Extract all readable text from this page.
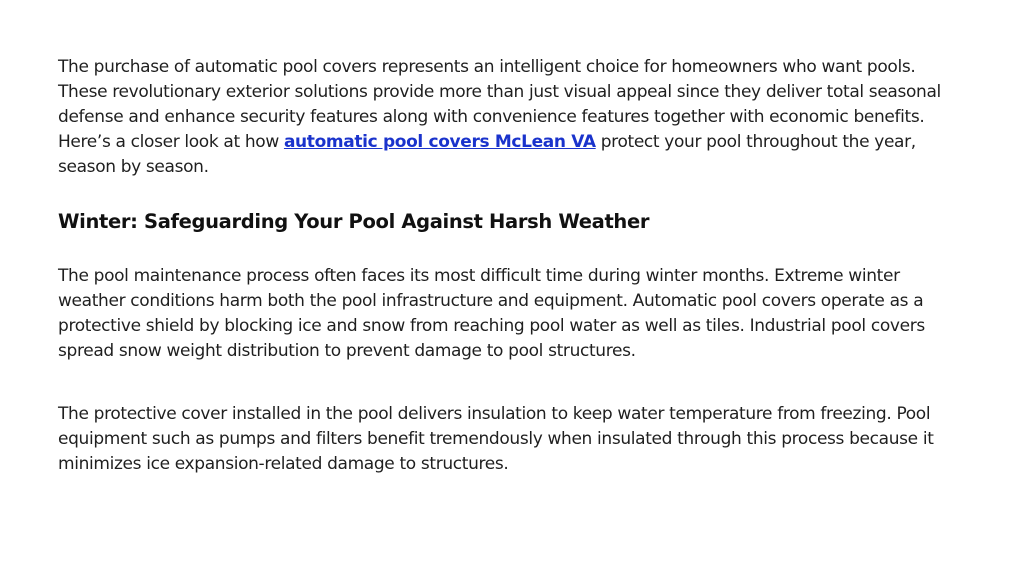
The purchase of automatic pool covers represents an intelligent choice for homeowners who want pools. These revolutionary exterior solutions provide more than just visual appeal since they deliver total seasonal defense and enhance security features along with convenience features together with economic benefits. Here’s a closer look at how automatic pool covers McLean VA protect your pool throughout the year, season by season.

Winter: Safeguarding Your Pool Against Harsh Weather

The pool maintenance process often faces its most difficult time during winter months. Extreme winter weather conditions harm both the pool infrastructure and equipment. Automatic pool covers operate as a protective shield by blocking ice and snow from reaching pool water as well as tiles. Industrial pool covers spread snow weight distribution to prevent damage to pool structures.

The protective cover installed in the pool delivers insulation to keep water temperature from freezing. Pool equipment such as pumps and filters benefit tremendously when insulated through this process because it minimizes ice expansion-related damage to structures.
